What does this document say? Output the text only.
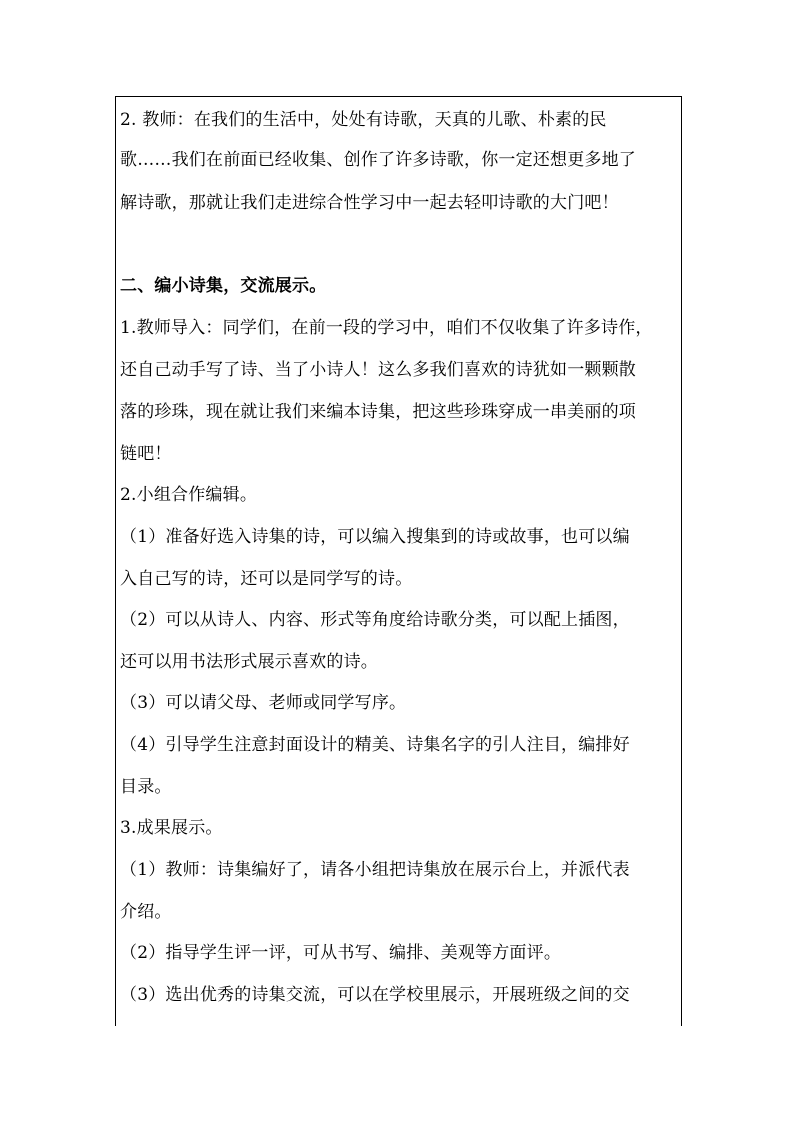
2. 教师：在我们的生活中，处处有诗歌，天真的儿歌、朴素的民
歌……我们在前面已经收集、创作了许多诗歌，你一定还想更多地了
解诗歌，那就让我们走进综合性学习中一起去轻叩诗歌的大门吧！
二、编小诗集，交流展示。
1.教师导入：同学们，在前一段的学习中，咱们不仅收集了许多诗作，
还自己动手写了诗、当了小诗人！这么多我们喜欢的诗犹如一颗颗散
落的珍珠，现在就让我们来编本诗集，把这些珍珠穿成一串美丽的项
链吧！
2.小组合作编辑。
（1）准备好选入诗集的诗，可以编入搜集到的诗或故事，也可以编
入自己写的诗，还可以是同学写的诗。
（2）可以从诗人、内容、形式等角度给诗歌分类，可以配上插图，
还可以用书法形式展示喜欢的诗。
（3）可以请父母、老师或同学写序。
（4）引导学生注意封面设计的精美、诗集名字的引人注目，编排好
目录。
3.成果展示。
（1）教师：诗集编好了，请各小组把诗集放在展示台上，并派代表
介绍。
（2）指导学生评一评，可从书写、编排、美观等方面评。
（3）选出优秀的诗集交流，可以在学校里展示，开展班级之间的交
